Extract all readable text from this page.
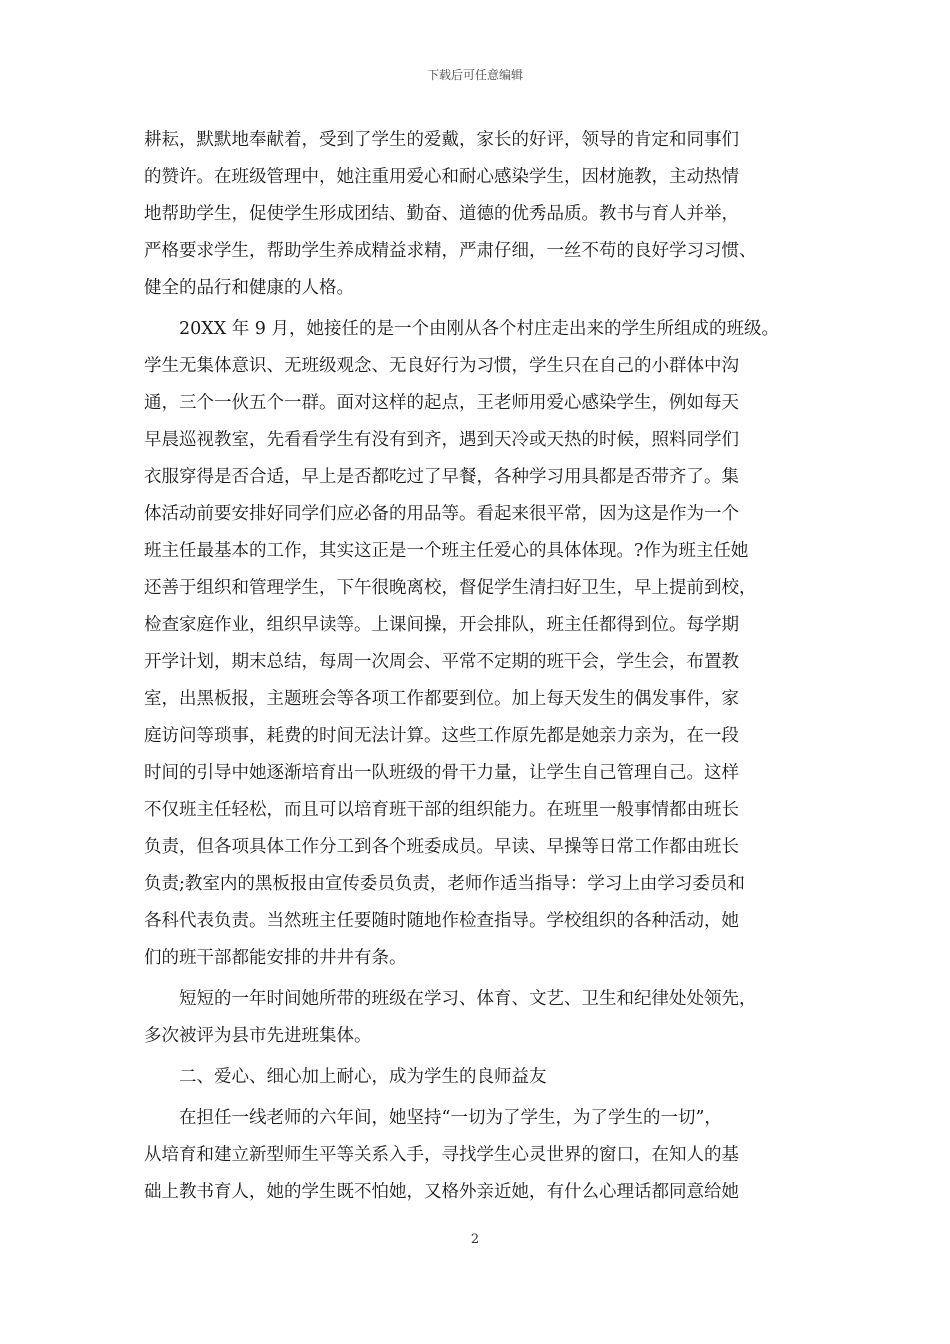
下载后可任意编辑
耕耘，默默地奉献着，受到了学生的爱戴，家长的好评，领导的肯定和同事们
的赞许。在班级管理中，她注重用爱心和耐心感染学生，因材施教，主动热情
地帮助学生，促使学生形成团结、勤奋、道德的优秀品质。教书与育人并举，
严格要求学生，帮助学生养成精益求精，严肃仔细，一丝不苟的良好学习习惯、
健全的品行和健康的人格。
　　20XX 年 9 月，她接任的是一个由刚从各个村庄走出来的学生所组成的班级。
学生无集体意识、无班级观念、无良好行为习惯，学生只在自己的小群体中沟
通，三个一伙五个一群。面对这样的起点，王老师用爱心感染学生，例如每天
早晨巡视教室，先看看学生有没有到齐，遇到天冷或天热的时候，照料同学们
衣服穿得是否合适，早上是否都吃过了早餐，各种学习用具都是否带齐了。集
体活动前要安排好同学们应必备的用品等。看起来很平常，因为这是作为一个
班主任最基本的工作，其实这正是一个班主任爱心的具体体现。?作为班主任她
还善于组织和管理学生，下午很晚离校，督促学生清扫好卫生，早上提前到校，
检查家庭作业，组织早读等。上课间操，开会排队，班主任都得到位。每学期
开学计划，期末总结，每周一次周会、平常不定期的班干会，学生会，布置教
室，出黑板报，主题班会等各项工作都要到位。加上每天发生的偶发事件，家
庭访问等琐事，耗费的时间无法计算。这些工作原先都是她亲力亲为，在一段
时间的引导中她逐渐培育出一队班级的骨干力量，让学生自己管理自己。这样
不仅班主任轻松，而且可以培育班干部的组织能力。在班里一般事情都由班长
负责，但各项具体工作分工到各个班委成员。早读、早操等日常工作都由班长
负责;教室内的黑板报由宣传委员负责，老师作适当指导：学习上由学习委员和
各科代表负责。当然班主任要随时随地作检查指导。学校组织的各种活动，她
们的班干部都能安排的井井有条。
　　短短的一年时间她所带的班级在学习、体育、文艺、卫生和纪律处处领先，
多次被评为县市先进班集体。
　　二、爱心、细心加上耐心，成为学生的良师益友
　　在担任一线老师的六年间，她坚持“一切为了学生，为了学生的一切”，
从培育和建立新型师生平等关系入手，寻找学生心灵世界的窗口，在知人的基
础上教书育人，她的学生既不怕她，又格外亲近她，有什么心理话都同意给她
2
